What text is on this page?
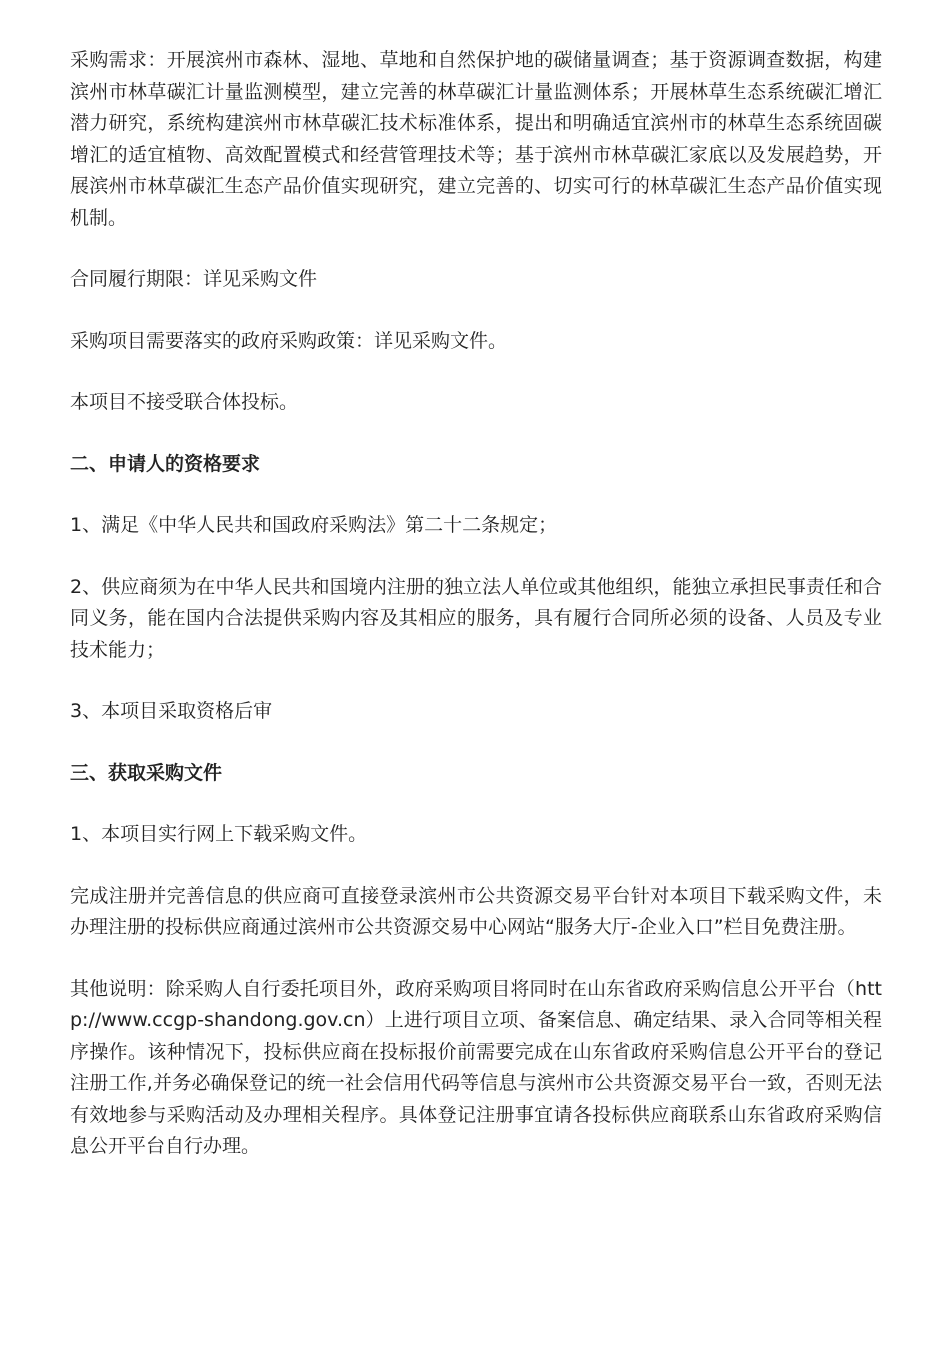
采购需求：开展滨州市森林、湿地、草地和自然保护地的碳储量调查；基于资源调查数据，构建滨州市林草碳汇计量监测模型，建立完善的林草碳汇计量监测体系；开展林草生态系统碳汇增汇潜力研究，系统构建滨州市林草碳汇技术标准体系，提出和明确适宜滨州市的林草生态系统固碳增汇的适宜植物、高效配置模式和经营管理技术等；基于滨州市林草碳汇家底以及发展趋势，开展滨州市林草碳汇生态产品价值实现研究，建立完善的、切实可行的林草碳汇生态产品价值实现机制。

合同履行期限：详见采购文件

采购项目需要落实的政府采购政策：详见采购文件。

本项目不接受联合体投标。

二、申请人的资格要求

1、满足《中华人民共和国政府采购法》第二十二条规定；

2、供应商须为在中华人民共和国境内注册的独立法人单位或其他组织，能独立承担民事责任和合同义务，能在国内合法提供采购内容及其相应的服务，具有履行合同所必须的设备、人员及专业技术能力；

3、本项目采取资格后审

三、获取采购文件

1、本项目实行网上下载采购文件。

完成注册并完善信息的供应商可直接登录滨州市公共资源交易平台针对本项目下载采购文件，未办理注册的投标供应商通过滨州市公共资源交易中心网站“服务大厅-企业入口”栏目免费注册。

其他说明：除采购人自行委托项目外，政府采购项目将同时在山东省政府采购信息公开平台（http://www.ccgp-shandong.gov.cn）上进行项目立项、备案信息、确定结果、录入合同等相关程序操作。该种情况下，投标供应商在投标报价前需要完成在山东省政府采购信息公开平台的登记注册工作,并务必确保登记的统一社会信用代码等信息与滨州市公共资源交易平台一致，否则无法有效地参与采购活动及办理相关程序。具体登记注册事宜请各投标供应商联系山东省政府采购信息公开平台自行办理。
